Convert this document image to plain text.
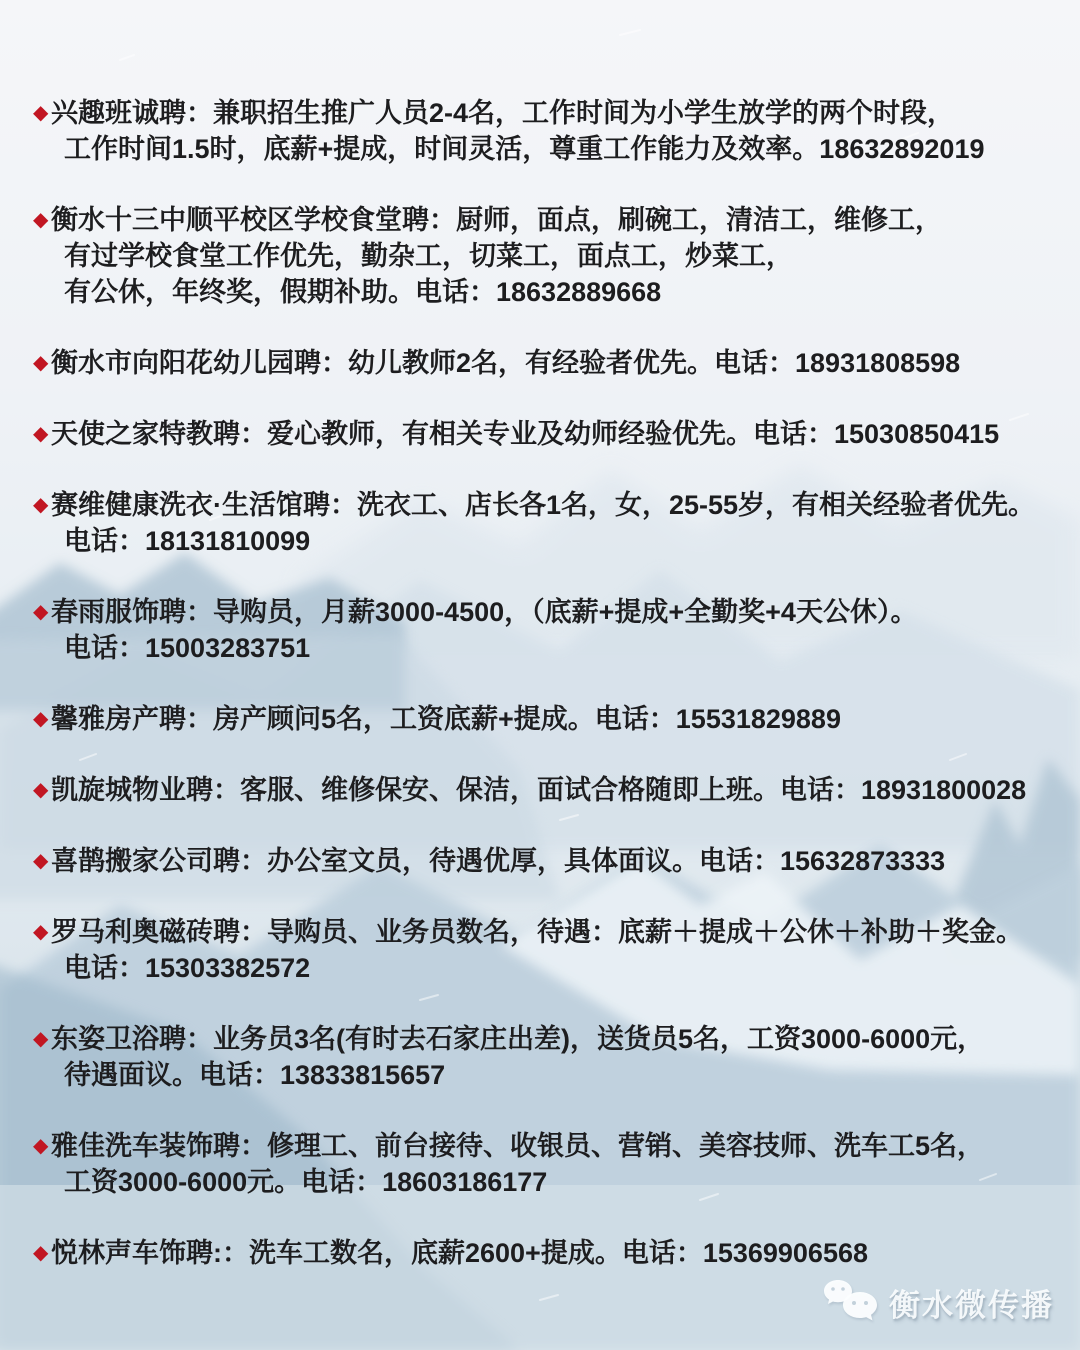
◆兴趣班诚聘：兼职招生推广人员2-4名，工作时间为小学生放学的两个时段，
工作时间1.5时，底薪+提成，时间灵活，尊重工作能力及效率。18632892019
◆衡水十三中顺平校区学校食堂聘：厨师，面点，刷碗工，清洁工，维修工，
有过学校食堂工作优先，勤杂工，切菜工，面点工，炒菜工，
有公休，年终奖，假期补助。电话：18632889668
◆衡水市向阳花幼儿园聘：幼儿教师2名，有经验者优先。电话：18931808598
◆天使之家特教聘：爱心教师，有相关专业及幼师经验优先。电话：15030850415
◆赛维健康洗衣·生活馆聘：洗衣工、店长各1名，女，25-55岁，有相关经验者优先。
电话：18131810099
◆春雨服饰聘：导购员，月薪3000-4500，（底薪+提成+全勤奖+4天公休）。
电话：15003283751
◆馨雅房产聘：房产顾问5名，工资底薪+提成。电话：15531829889
◆凯旋城物业聘：客服、维修保安、保洁，面试合格随即上班。电话：18931800028
◆喜鹊搬家公司聘：办公室文员，待遇优厚，具体面议。电话：15632873333
◆罗马利奥磁砖聘：导购员、业务员数名，待遇：底薪＋提成＋公休＋补助＋奖金。
电话：15303382572
◆东姿卫浴聘：业务员3名(有时去石家庄出差)，送货员5名，工资3000-6000元，
待遇面议。电话：13833815657
◆雅佳洗车装饰聘：修理工、前台接待、收银员、营销、美容技师、洗车工5名，
工资3000-6000元。电话：18603186177
◆悦林声车饰聘:：洗车工数名，底薪2600+提成。电话：15369906568
衡水微传播
